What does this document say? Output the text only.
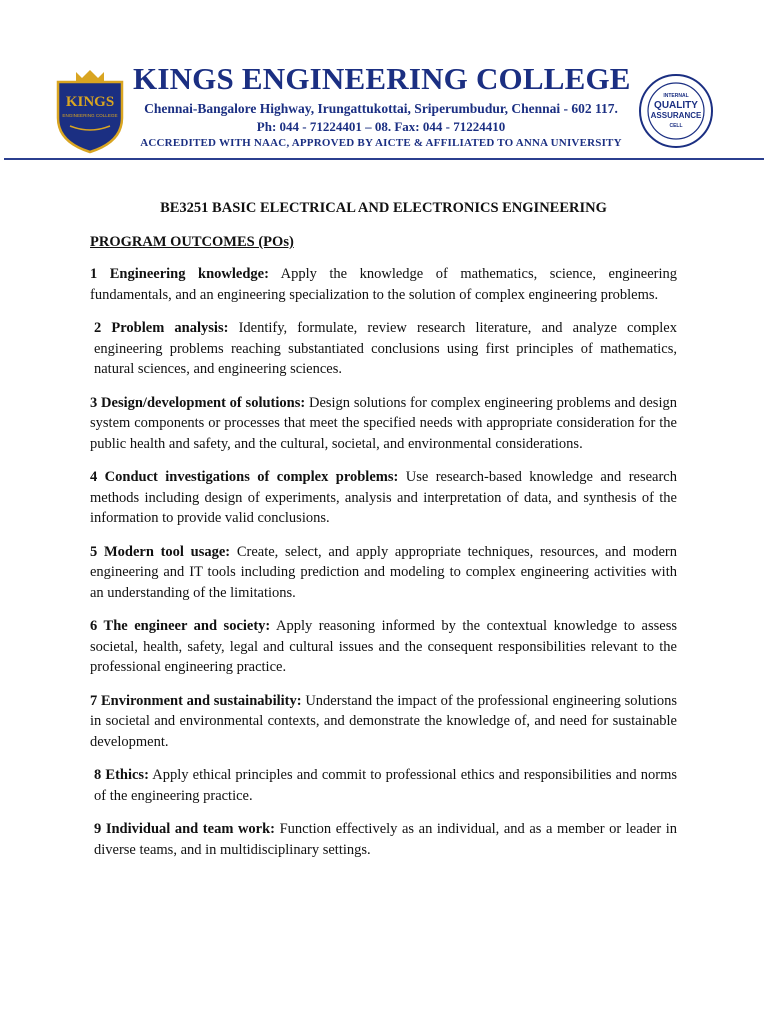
KINGS
ENGINEERING COLLEGE
KINGS ENGINEERING COLLEGE
Chennai-Bangalore Highway, Irungattukottai, Sriperumbudur, Chennai - 602 117.
Ph: 044 - 71224401 – 08. Fax: 044 - 71224410
ACCREDITED WITH NAAC, APPROVED BY AICTE & AFFILIATED TO ANNA UNIVERSITY
INTERNAL
QUALITY
ASSURANCE
CELL
BE3251 BASIC ELECTRICAL AND ELECTRONICS ENGINEERING
PROGRAM OUTCOMES (POs)

1 Engineering knowledge: Apply the knowledge of mathematics, science, engineering fundamentals, and an engineering specialization to the solution of complex engineering problems.

2 Problem analysis: Identify, formulate, review research literature, and analyze complex engineering problems reaching substantiated conclusions using first principles of mathematics, natural sciences, and engineering sciences.

3 Design/development of solutions: Design solutions for complex engineering problems and design system components or processes that meet the specified needs with appropriate consideration for the public health and safety, and the cultural, societal, and environmental considerations.

4 Conduct investigations of complex problems: Use research-based knowledge and research methods including design of experiments, analysis and interpretation of data, and synthesis of the information to provide valid conclusions.

5 Modern tool usage: Create, select, and apply appropriate techniques, resources, and modern engineering and IT tools including prediction and modeling to complex engineering activities with an understanding of the limitations.

6 The engineer and society: Apply reasoning informed by the contextual knowledge to assess societal, health, safety, legal and cultural issues and the consequent responsibilities relevant to the professional engineering practice.

7 Environment and sustainability: Understand the impact of the professional engineering solutions in societal and environmental contexts, and demonstrate the knowledge of, and need for sustainable development.

8 Ethics: Apply ethical principles and commit to professional ethics and responsibilities and norms of the engineering practice.

9 Individual and team work: Function effectively as an individual, and as a member or leader in diverse teams, and in multidisciplinary settings.
